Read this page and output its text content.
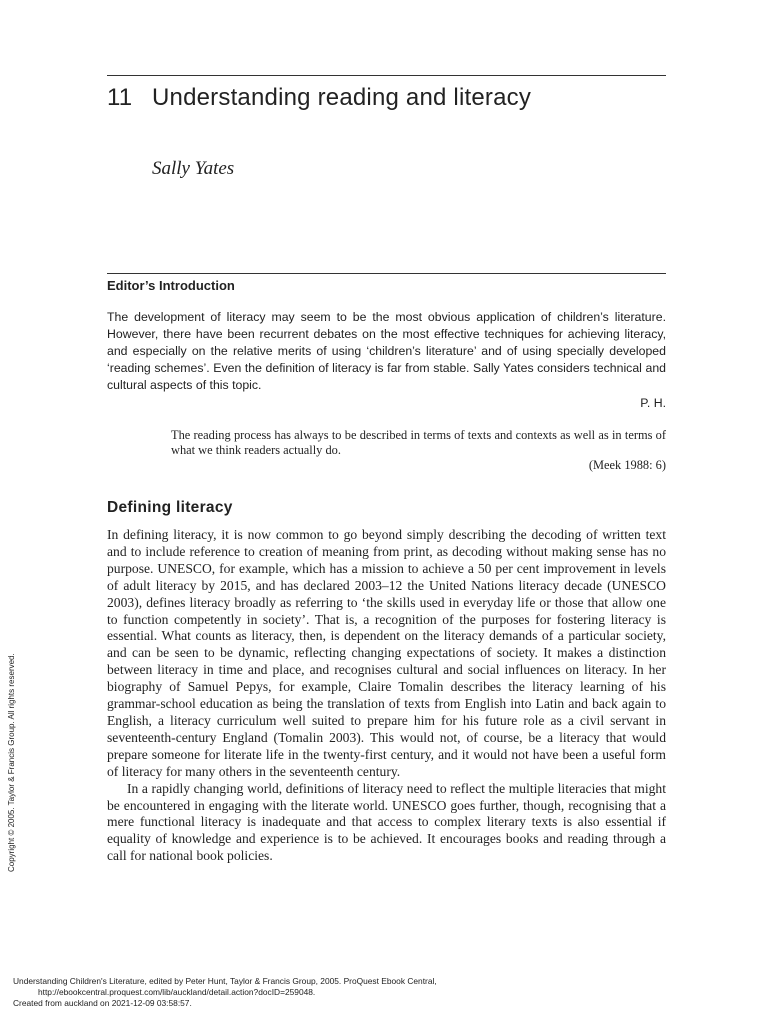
11 Understanding reading and literacy
Sally Yates
Editor’s Introduction

The development of literacy may seem to be the most obvious application of children’s literature. However, there have been recurrent debates on the most effective techniques for achieving literacy, and especially on the relative merits of using ‘children’s literature’ and of using specially developed ‘reading schemes’. Even the definition of literacy is far from stable. Sally Yates considers technical and cultural aspects of this topic.

P. H.

The reading process has always to be described in terms of texts and contexts as well as in terms of what we think readers actually do.

(Meek 1988: 6)
Defining literacy

In defining literacy, it is now common to go beyond simply describing the decoding of written text and to include reference to creation of meaning from print, as decoding without making sense has no purpose. UNESCO, for example, which has a mission to achieve a 50 per cent improvement in levels of adult literacy by 2015, and has declared 2003–12 the United Nations literacy decade (UNESCO 2003), defines literacy broadly as referring to ‘the skills used in everyday life or those that allow one to function competently in society’. That is, a recognition of the purposes for fostering literacy is essential. What counts as literacy, then, is dependent on the literacy demands of a particular society, and can be seen to be dynamic, reflecting changing expectations of society. It makes a distinction between literacy in time and place, and recognises cultural and social influences on literacy. In her biography of Samuel Pepys, for example, Claire Tomalin describes the literacy learning of his grammar-school education as being the translation of texts from English into Latin and back again to English, a literacy curriculum well suited to prepare him for his future role as a civil servant in seventeenth-century England (Tomalin 2003). This would not, of course, be a literacy that would prepare someone for literate life in the twenty-first century, and it would not have been a useful form of literacy for many others in the seventeenth century.

In a rapidly changing world, definitions of literacy need to reflect the multiple literacies that might be encountered in engaging with the literate world. UNESCO goes further, though, recognising that a mere functional literacy is inadequate and that access to complex literary texts is also essential if equality of knowledge and experience is to be achieved. It encourages books and reading through a call for national book policies.

Copyright © 2005. Taylor & Francis Group. All rights reserved.
Understanding Children's Literature, edited by Peter Hunt, Taylor & Francis Group, 2005. ProQuest Ebook Central,
http://ebookcentral.proquest.com/lib/auckland/detail.action?docID=259048.
Created from auckland on 2021-12-09 03:58:57.
